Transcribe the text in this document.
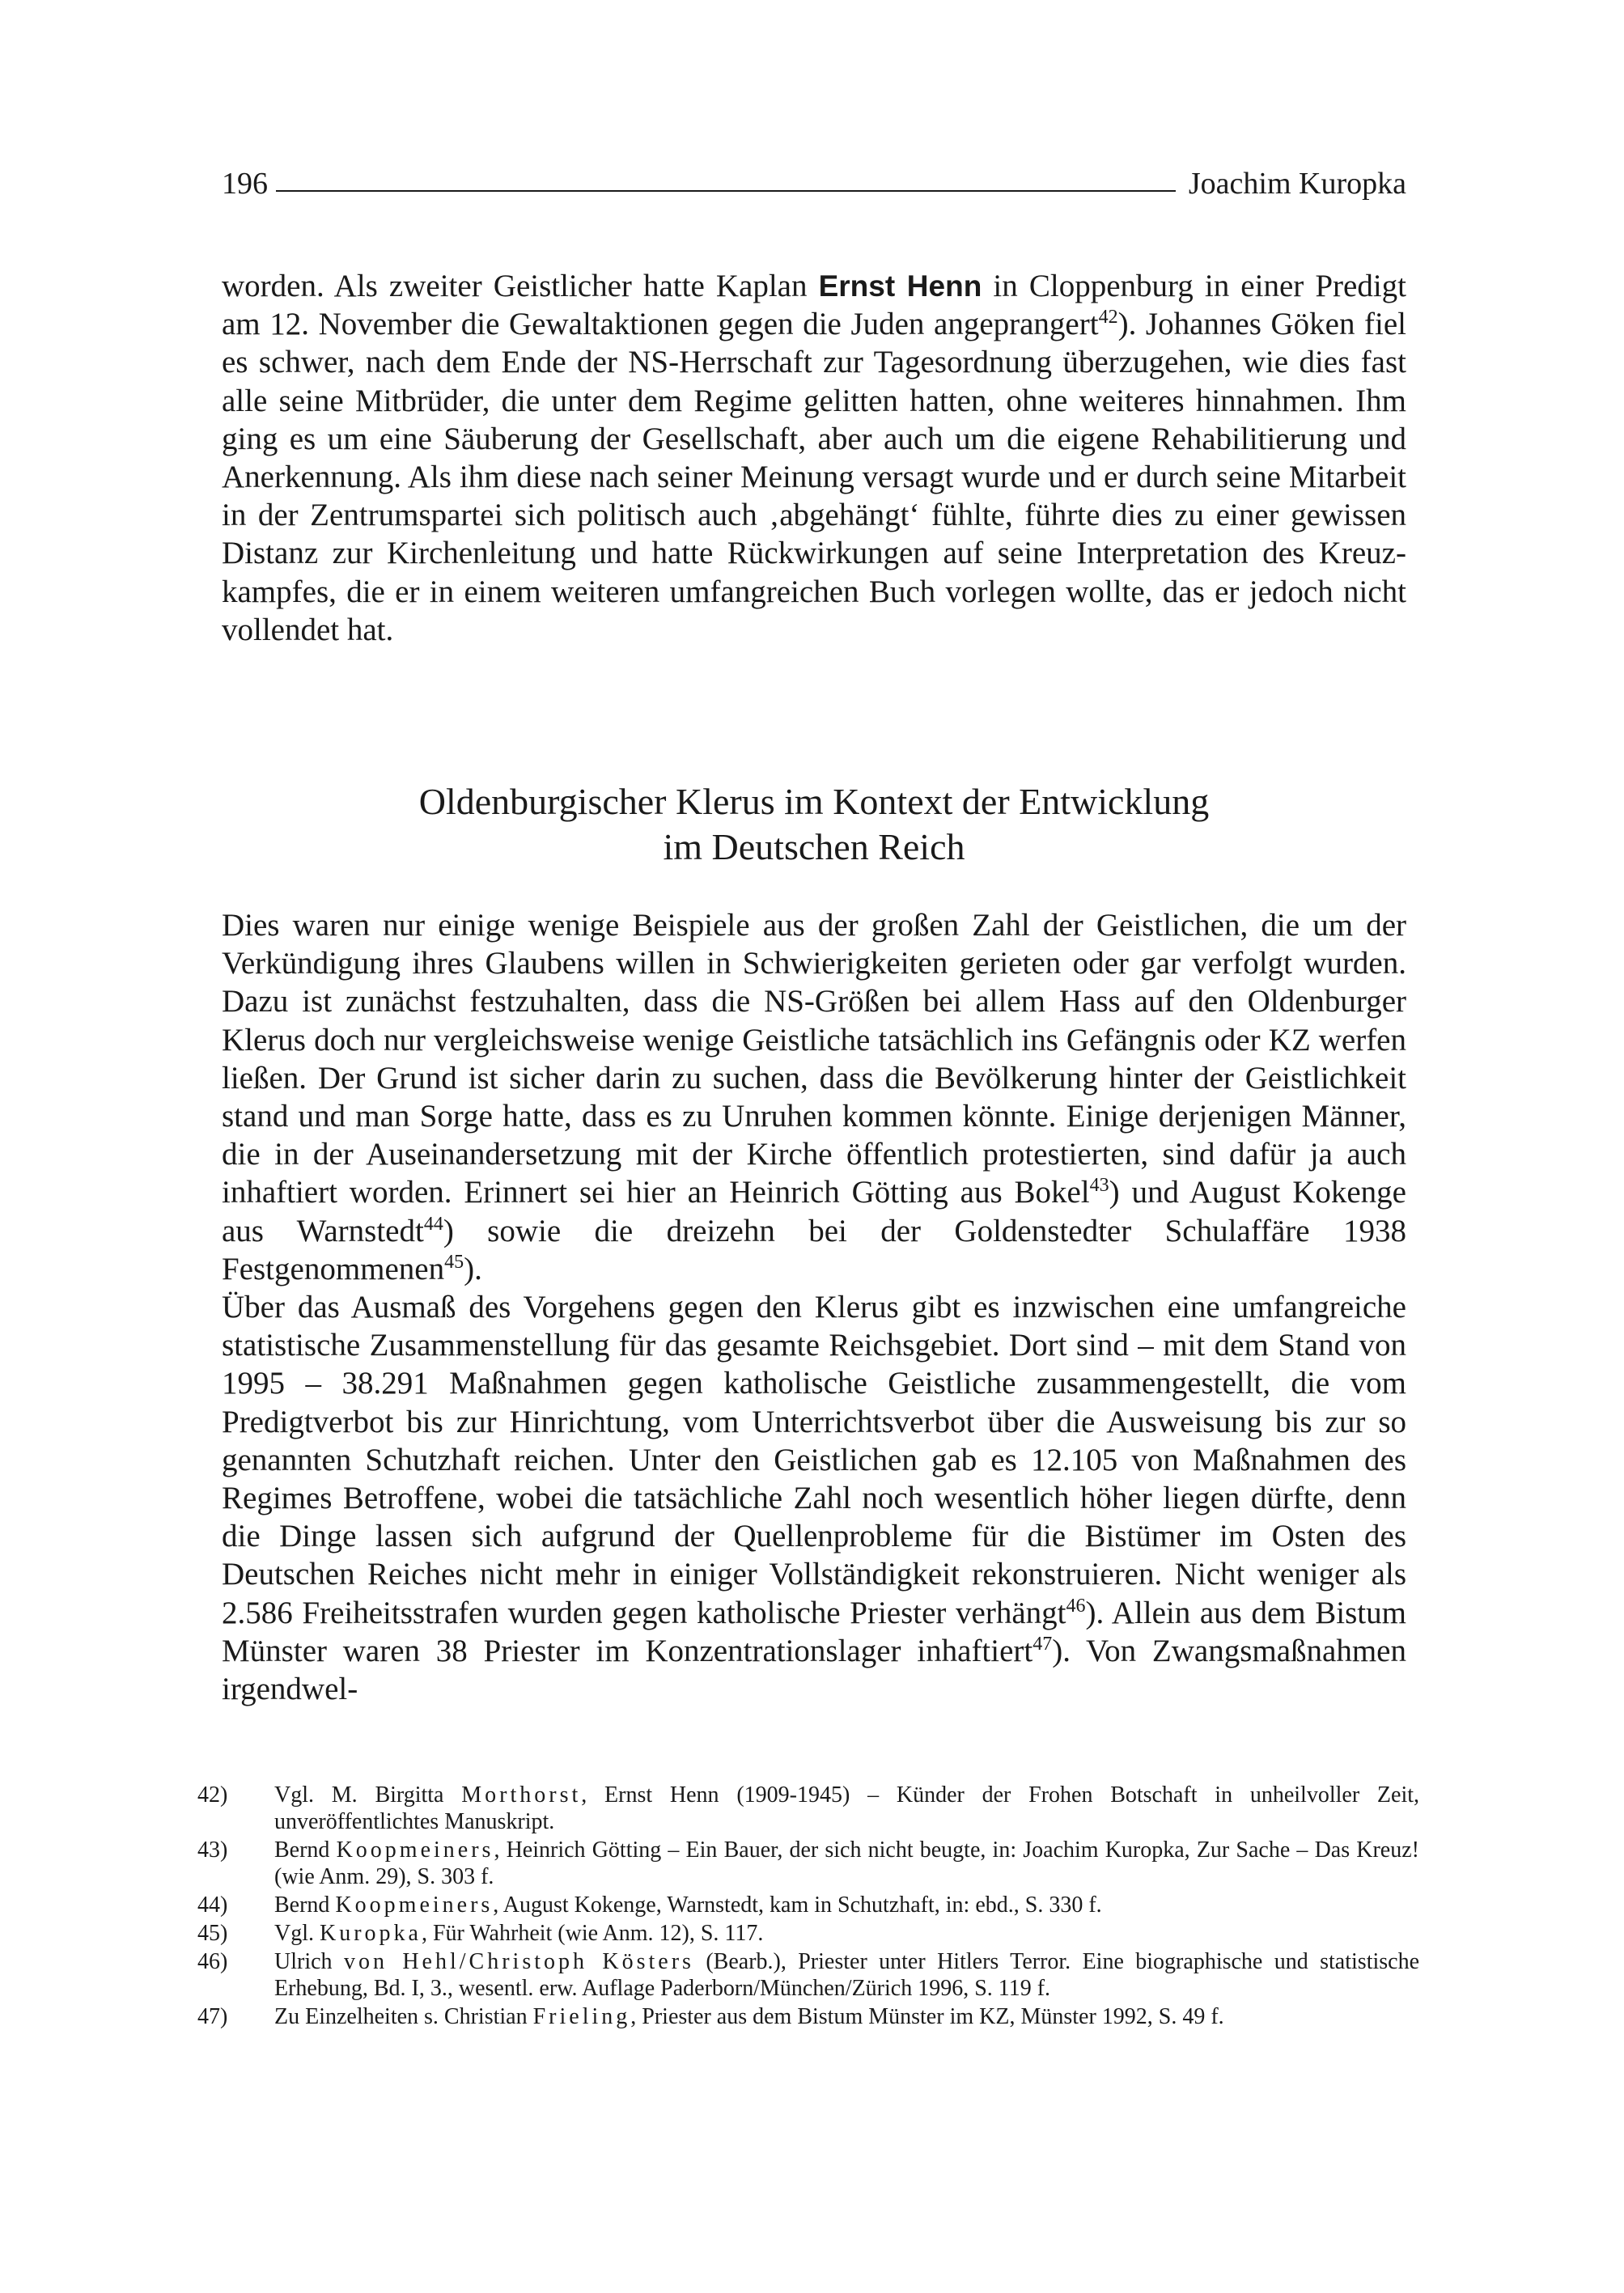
196	Joachim Kuropka

worden. Als zweiter Geistlicher hatte Kaplan Ernst Henn in Cloppenburg in einer Predigt am 12. November die Gewaltaktionen gegen die Juden angeprangert$^{42}$). Johannes Göken fiel es schwer, nach dem Ende der NS-Herrschaft zur Tagesordnung überzugehen, wie dies fast alle seine Mitbrüder, die unter dem Regime gelitten hatten, ohne weiteres hinnahmen. Ihm ging es um eine Säuberung der Gesellschaft, aber auch um die eigene Rehabilitierung und Anerkennung. Als ihm diese nach seiner Meinung versagt wurde und er durch seine Mitarbeit in der Zentrumspartei sich politisch auch ‚abgehängt‘ fühlte, führte dies zu einer gewissen Distanz zur Kirchenleitung und hatte Rückwirkungen auf seine Interpretation des Kreuzkampfes, die er in einem weiteren umfangreichen Buch vorlegen wollte, das er jedoch nicht vollendet hat.

Oldenburgischer Klerus im Kontext der Entwicklung
im Deutschen Reich

Dies waren nur einige wenige Beispiele aus der großen Zahl der Geistlichen, die um der Verkündigung ihres Glaubens willen in Schwierigkeiten gerieten oder gar verfolgt wurden. Dazu ist zunächst festzuhalten, dass die NS-Größen bei allem Hass auf den Oldenburger Klerus doch nur vergleichsweise wenige Geistliche tatsächlich ins Gefängnis oder KZ werfen ließen. Der Grund ist sicher darin zu suchen, dass die Bevölkerung hinter der Geistlichkeit stand und man Sorge hatte, dass es zu Unruhen kommen könnte. Einige derjenigen Männer, die in der Auseinandersetzung mit der Kirche öffentlich protestierten, sind dafür ja auch inhaftiert worden. Erinnert sei hier an Heinrich Götting aus Bokel$^{43}$) und August Kokenge aus Warnstedt$^{44}$) sowie die dreizehn bei der Goldenstedter Schulaffäre 1938 Festgenommenen$^{45}$).

Über das Ausmaß des Vorgehens gegen den Klerus gibt es inzwischen eine umfangreiche statistische Zusammenstellung für das gesamte Reichsgebiet. Dort sind – mit dem Stand von 1995 – 38.291 Maßnahmen gegen katholische Geistliche zusammengestellt, die vom Predigtverbot bis zur Hinrichtung, vom Unterrichtsverbot über die Ausweisung bis zur so genannten Schutzhaft reichen. Unter den Geistlichen gab es 12.105 von Maßnahmen des Regimes Betroffene, wobei die tatsächliche Zahl noch wesentlich höher liegen dürfte, denn die Dinge lassen sich aufgrund der Quellenprobleme für die Bistümer im Osten des Deutschen Reiches nicht mehr in einiger Vollständigkeit rekonstruieren. Nicht weniger als 2.586 Freiheitsstrafen wurden gegen katholische Priester verhängt$^{46}$). Allein aus dem Bistum Münster waren 38 Priester im Konzentrationslager inhaftiert$^{47}$). Von Zwangsmaßnahmen irgendwel-

42)	Vgl. M. Birgitta Morthorst, Ernst Henn (1909-1945) – Künder der Frohen Botschaft in unheilvoller Zeit, unveröffentlichtes Manuskript.
43)	Bernd Koopmeiners, Heinrich Götting – Ein Bauer, der sich nicht beugte, in: Joachim Kuropka, Zur Sache – Das Kreuz! (wie Anm. 29), S. 303 f.
44)	Bernd Koopmeiners, August Kokenge, Warnstedt, kam in Schutzhaft, in: ebd., S. 330 f.
45)	Vgl. Kuropka, Für Wahrheit (wie Anm. 12), S. 117.
46)	Ulrich von Hehl/Christoph Kösters (Bearb.), Priester unter Hitlers Terror. Eine biographische und statistische Erhebung, Bd. I, 3., wesentl. erw. Auflage Paderborn/München/Zürich 1996, S. 119 f.
47)	Zu Einzelheiten s. Christian Frieling, Priester aus dem Bistum Münster im KZ, Münster 1992, S. 49 f.
